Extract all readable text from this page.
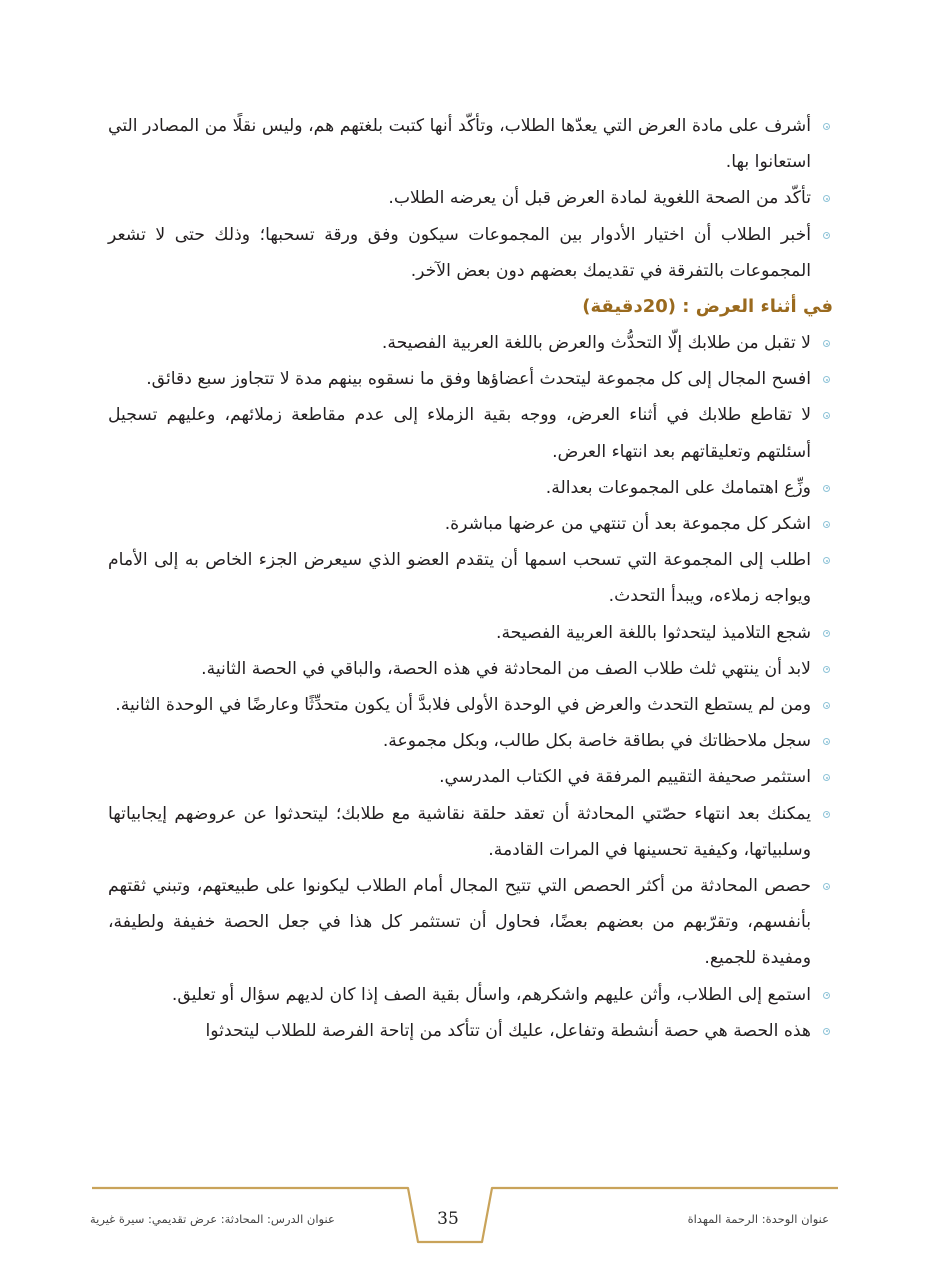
أشرف على مادة العرض التي يعدّها الطلاب، وتأكّد أنها كتبت بلغتهم هم، وليس نقلًا من المصادر التي استعانوا بها.
تأكّد من الصحة اللغوية لمادة العرض قبل أن يعرضه الطلاب.
أخبر الطلاب أن اختيار الأدوار بين المجموعات سيكون وفق ورقة تسحبها؛ وذلك حتى لا تشعر المجموعات بالتفرقة في تقديمك بعضهم دون بعض الآخر.
في أثناء العرض : (20دقيقة)
لا تقبل من طلابك إلّا التحدُّث والعرض باللغة العربية الفصيحة.
افسح المجال إلى كل مجموعة ليتحدث أعضاؤها وفق ما نسقوه بينهم مدة لا تتجاوز سبع دقائق.
لا تقاطع طلابك في أثناء العرض، ووجه بقية الزملاء إلى عدم مقاطعة زملائهم، وعليهم تسجيل أسئلتهم وتعليقاتهم بعد انتهاء العرض.
وزِّع اهتمامك على المجموعات بعدالة.
اشكر كل مجموعة بعد أن تنتهي من عرضها مباشرة.
اطلب إلى المجموعة التي تسحب اسمها أن يتقدم العضو الذي سيعرض الجزء الخاص به إلى الأمام ويواجه زملاءه، ويبدأ التحدث.
شجع التلاميذ ليتحدثوا باللغة العربية الفصيحة.
لابد أن ينتهي ثلث طلاب الصف من المحادثة في هذه الحصة، والباقي في الحصة الثانية.
ومن لم يستطع التحدث والعرض في الوحدة الأولى فلابدَّ أن يكون متحدِّثًا وعارضًا في الوحدة الثانية.
سجل ملاحظاتك في بطاقة خاصة بكل طالب، وبكل مجموعة.
استثمر صحيفة التقييم المرفقة في الكتاب المدرسي.
يمكنك بعد انتهاء حصّتي المحادثة أن تعقد حلقة نقاشية مع طلابك؛ ليتحدثوا عن عروضهم إيجابياتها وسلبياتها، وكيفية تحسينها في المرات القادمة.
حصص المحادثة من أكثر الحصص التي تتيح المجال أمام الطلاب ليكونوا على طبيعتهم، وتبني ثقتهم بأنفسهم، وتقرّبهم من بعضهم بعضًا، فحاول أن تستثمر كل هذا في جعل الحصة خفيفة ولطيفة، ومفيدة للجميع.
استمع إلى الطلاب، وأثن عليهم واشكرهم، واسأل بقية الصف إذا كان لديهم سؤال أو تعليق.
هذه الحصة هي حصة أنشطة وتفاعل، عليك أن تتأكد من إتاحة الفرصة للطلاب ليتحدثوا
عنوان الوحدة: الرحمة المهداة
35
عنوان الدرس: المحادثة: عرض تقديمي: سيرة غيرية
